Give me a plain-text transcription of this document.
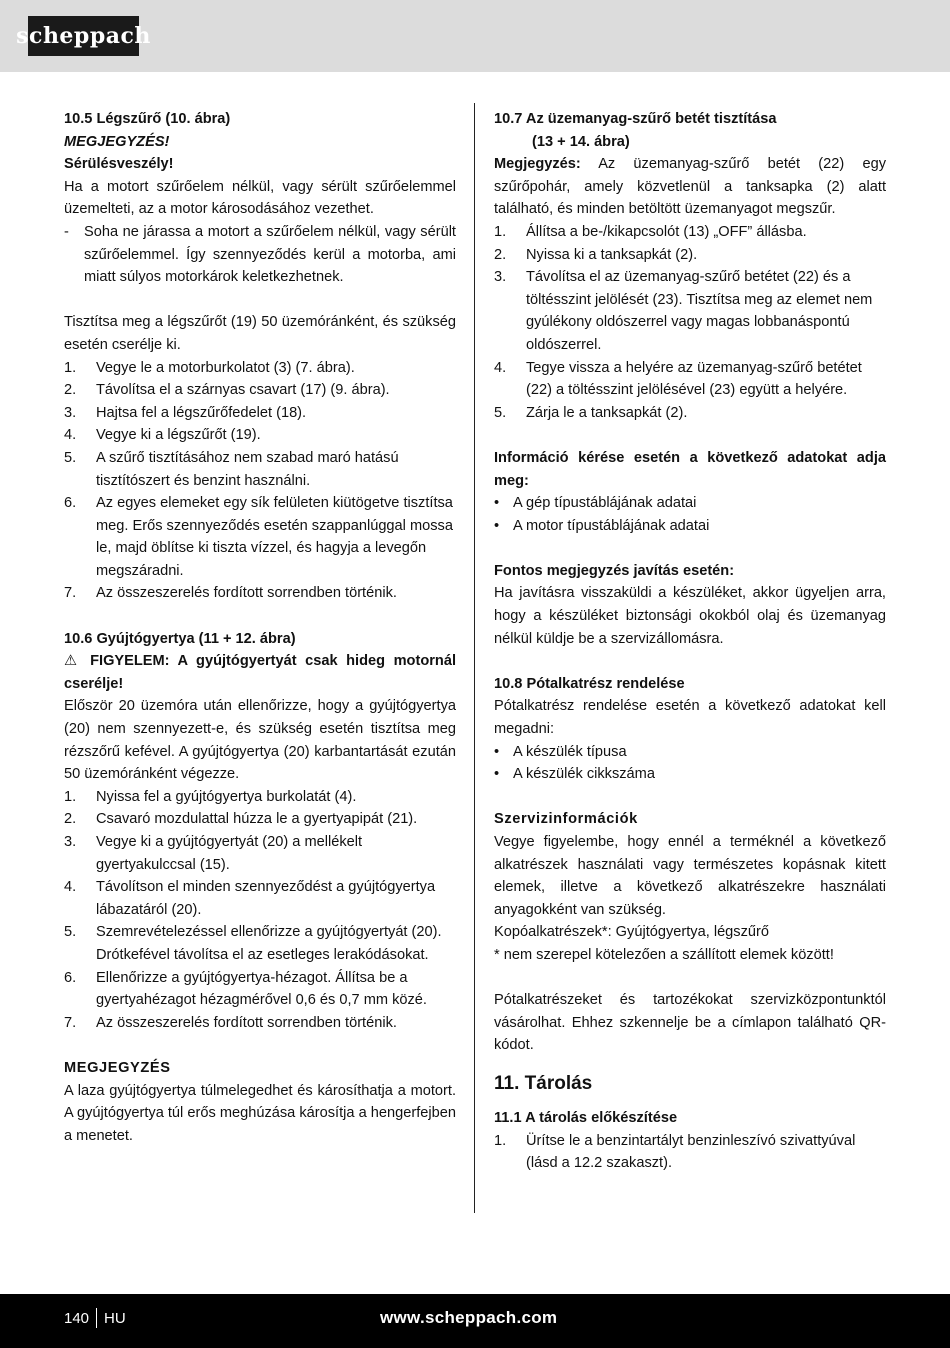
scheppach
10.5 Légszűrő (10. ábra)
MEGJEGYZÉS!
Sérülésveszély!
Ha a motort szűrőelem nélkül, vagy sérült szűrőelemmel üzemelteti, az a motor károsodásához vezethet.
- Soha ne járassa a motort a szűrőelem nélkül, vagy sérült szűrőelemmel. Így szennyeződés kerül a motorba, ami miatt súlyos motorkárok keletkezhetnek.
Tisztítsa meg a légszűrőt (19) 50 üzemóránként, és szükség esetén cserélje ki.
1. Vegye le a motorburkolatot (3) (7. ábra).
2. Távolítsa el a szárnyas csavart (17) (9. ábra).
3. Hajtsa fel a légszűrőfedelet (18).
4. Vegye ki a légszűrőt (19).
5. A szűrő tisztításához nem szabad maró hatású tisztítószert és benzint használni.
6. Az egyes elemeket egy sík felületen kiütögetve tisztítsa meg. Erős szennyeződés esetén szappanlúggal mossa le, majd öblítse ki tiszta vízzel, és hagyja a levegőn megszáradni.
7. Az összeszerelés fordított sorrendben történik.
10.6 Gyújtógyertya (11 + 12. ábra)
⚠ FIGYELEM: A gyújtógyertyát csak hideg motornál cserélje!
Először 20 üzemóra után ellenőrizze, hogy a gyújtógyertya (20) nem szennyezett-e, és szükség esetén tisztítsa meg rézszőrű kefével. A gyújtógyertya (20) karbantartását ezután 50 üzemóránként végezze.
1. Nyissa fel a gyújtógyertya burkolatát (4).
2. Csavaró mozdulattal húzza le a gyertyapipát (21).
3. Vegye ki a gyújtógyertyát (20) a mellékelt gyertyakulccsal (15).
4. Távolítson el minden szennyeződést a gyújtógyertya lábazatáról (20).
5. Szemrevételezéssel ellenőrizze a gyújtógyertyát (20). Drótkefével távolítsa el az esetleges lerakódásokat.
6. Ellenőrizze a gyújtógyertya-hézagot. Állítsa be a gyertyahézagot hézagmérővel 0,6 és 0,7 mm közé.
7. Az összeszerelés fordított sorrendben történik.
MEGJEGYZÉS
A laza gyújtógyertya túlmelegedhet és károsíthatja a motort. A gyújtógyertya túl erős meghúzása károsítja a hengerfejben a menetet.
10.7 Az üzemanyag-szűrő betét tisztítása
(13 + 14. ábra)
Megjegyzés: Az üzemanyag-szűrő betét (22) egy szűrőpohár, amely közvetlenül a tanksapka (2) alatt található, és minden betöltött üzemanyagot megszűr.
1. Állítsa a be-/kikapcsolót (13) „OFF” állásba.
2. Nyissa ki a tanksapkát (2).
3. Távolítsa el az üzemanyag-szűrő betétet (22) és a töltésszint jelölését (23). Tisztítsa meg az elemet nem gyúlékony oldószerrel vagy magas lobbanáspontú oldószerrel.
4. Tegye vissza a helyére az üzemanyag-szűrő betétet (22) a töltésszint jelölésével (23) együtt a helyére.
5. Zárja le a tanksapkát (2).
Információ kérése esetén a következő adatokat adja meg:
• A gép típustáblájának adatai
• A motor típustáblájának adatai
Fontos megjegyzés javítás esetén:
Ha javításra visszaküldi a készüléket, akkor ügyeljen arra, hogy a készüléket biztonsági okokból olaj és üzemanyag nélkül küldje be a szervizállomásra.
10.8 Pótalkatrész rendelése
Pótalkatrész rendelése esetén a következő adatokat kell megadni:
• A készülék típusa
• A készülék cikkszáma
Szervizinformációk
Vegye figyelembe, hogy ennél a terméknél a következő alkatrészek használati vagy természetes kopásnak kitett elemek, illetve a következő alkatrészekre használati anyagokként van szükség.
Kopóalkatrészek*: Gyújtógyertya, légszűrő
* nem szerepel kötelezően a szállított elemek között!
Pótalkatrészeket és tartozékokat szervizközpontunktól vásárolhat. Ehhez szkennelje be a címlapon található QR-kódot.
11. Tárolás
11.1 A tárolás előkészítése
1. Ürítse le a benzintartályt benzinleszívó szivattyúval (lásd a 12.2 szakaszt).
140 HU	www.scheppach.com
